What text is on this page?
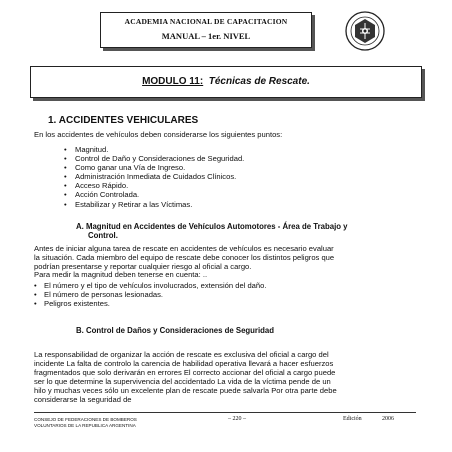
ACADEMIA NACIONAL DE CAPACITACION
MANUAL – 1er. NIVEL
MODULO 11: Técnicas de Rescate.
1. ACCIDENTES VEHICULARES
En los accidentes de vehículos deben considerarse los siguientes puntos:
• Magnitud.
• Control de Daño y Consideraciones de Seguridad.
• Como ganar una Vía de Ingreso.
• Administración Inmediata de Cuidados Clínicos.
• Acceso Rápido.
• Acción Controlada.
• Estabilizar y Retirar a las Víctimas.
A. Magnitud en Accidentes de Vehículos Automotores - Área de Trabajo y
Control.
Antes de iniciar alguna tarea de rescate en accidentes de vehículos es necesario evaluar
la situación. Cada miembro del equipo de rescate debe conocer los distintos peligros que
podrían presentarse y reportar cualquier riesgo al oficial a cargo.
Para medir la magnitud deben tenerse en cuenta: ..
• El número y el tipo de vehículos involucrados, extensión del daño.
• El número de personas lesionadas.
• Peligros existentes.
B. Control de Daños y Consideraciones de Seguridad
La responsabilidad de organizar la acción de rescate es exclusiva del oficial a cargo del
incidente La falta de controlo la carencia de habilidad operativa llevará a hacer esfuerzos
fragmentados que solo derivarán en errores El correcto accionar del oficial a cargo puede
ser lo que determine la supervivencia del accidentado La vida de la víctima pende de un
hilo y muchas veces sólo un excelente plan de rescate puede salvarla Por otra parte debe
considerarse la seguridad de
CONSEJO DE FEDERACIONES DE BOMBEROS
VOLUNTARIOS DE LA REPUBLICA ARGENTINA
– 220 –	Edición	2006
